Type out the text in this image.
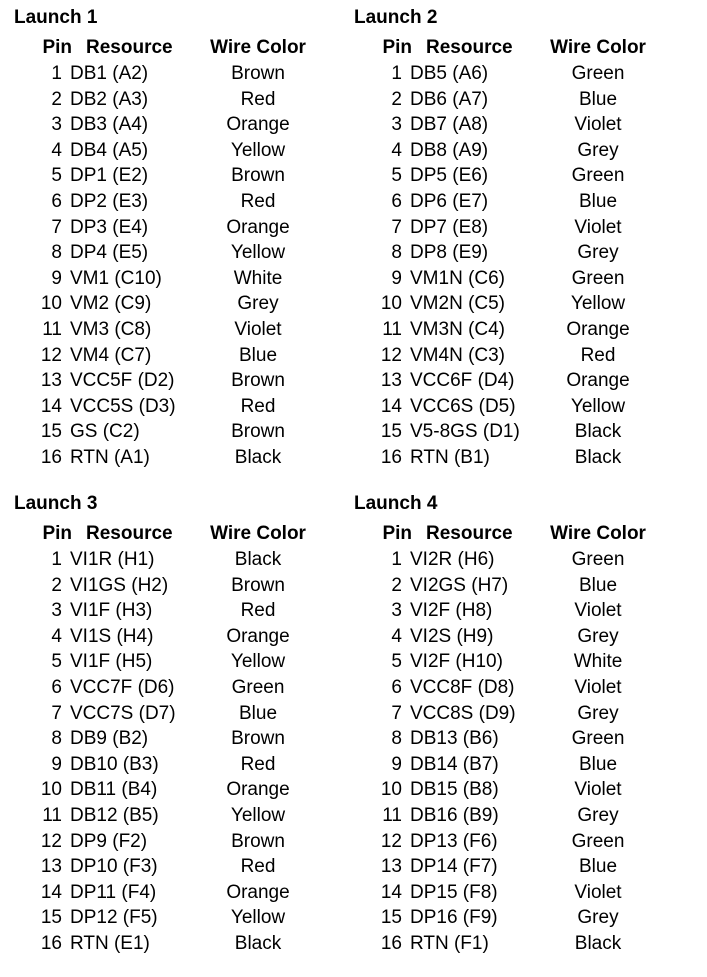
Launch 1
Pin Resource Wire Color
1 DB1 (A2)	Brown
2 DB2 (A3)	Red
3 DB3 (A4)	Orange
4 DB4 (A5)	Yellow
5 DP1 (E2)	Brown
6 DP2 (E3)	Red
7 DP3 (E4)	Orange
8 DP4 (E5)	Yellow
9 VM1 (C10)	White
10 VM2 (C9)	Grey
11 VM3 (C8)	Violet
12 VM4 (C7)	Blue
13 VCC5F (D2)	Brown
14 VCC5S (D3)	Red
15 GS (C2)	Brown
16 RTN (A1)	Black
Launch 2
Pin Resource Wire Color
1 DB5 (A6)	Green
2 DB6 (A7)	Blue
3 DB7 (A8)	Violet
4 DB8 (A9)	Grey
5 DP5 (E6)	Green
6 DP6 (E7)	Blue
7 DP7 (E8)	Violet
8 DP8 (E9)	Grey
9 VM1N (C6)	Green
10 VM2N (C5)	Yellow
11 VM3N (C4)	Orange
12 VM4N (C3)	Red
13 VCC6F (D4)	Orange
14 VCC6S (D5)	Yellow
15 V5-8GS (D1)	Black
16 RTN (B1)	Black
Launch 3
Pin Resource Wire Color
1 VI1R (H1)	Black
2 VI1GS (H2)	Brown
3 VI1F (H3)	Red
4 VI1S (H4)	Orange
5 VI1F (H5)	Yellow
6 VCC7F (D6)	Green
7 VCC7S (D7)	Blue
8 DB9 (B2)	Brown
9 DB10 (B3)	Red
10 DB11 (B4)	Orange
11 DB12 (B5)	Yellow
12 DP9 (F2)	Brown
13 DP10 (F3)	Red
14 DP11 (F4)	Orange
15 DP12 (F5)	Yellow
16 RTN (E1)	Black
Launch 4
Pin Resource Wire Color
1 VI2R (H6)	Green
2 VI2GS (H7)	Blue
3 VI2F (H8)	Violet
4 VI2S (H9)	Grey
5 VI2F (H10)	White
6 VCC8F (D8)	Violet
7 VCC8S (D9)	Grey
8 DB13 (B6)	Green
9 DB14 (B7)	Blue
10 DB15 (B8)	Violet
11 DB16 (B9)	Grey
12 DP13 (F6)	Green
13 DP14 (F7)	Blue
14 DP15 (F8)	Violet
15 DP16 (F9)	Grey
16 RTN (F1)	Black
